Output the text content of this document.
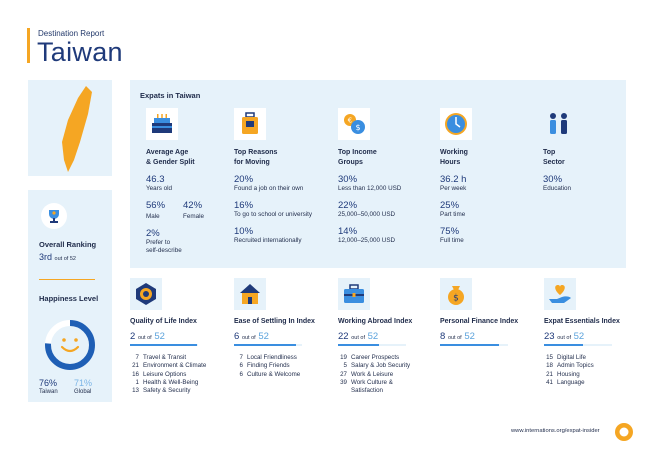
Destination Report
Taiwan
Overall Ranking
3rd out of 52
Happiness Level
76%
Taiwan
71%
Global
Expats in Taiwan
Average Age
& Gender Split
46.3
Years old
56%
Male
42%
Female
2%
Prefer to
self-describe
Top Reasons
for Moving
20%
Found a job on their own
16%
To go to school or university
10%
Recruited internationally
€
$
Top Income
Groups
30%
Less than 12,000 USD
22%
25,000–50,000 USD
14%
12,000–25,000 USD
Working
Hours
36.2 h
Per week
25%
Part time
75%
Full time
Top
Sector
30%
Education
Quality of Life Index
2 out of 52
7 Travel & Transit
21 Environment & Climate
16 Leisure Options
1 Health & Well-Being
13 Safety & Security
Ease of Settling In Index
6 out of 52
7 Local Friendliness
6 Finding Friends
6 Culture & Welcome
Working Abroad Index
22 out of 52
19 Career Prospects
5 Salary & Job Security
27 Work & Leisure
39 Work Culture &
Satisfaction
$
Personal Finance Index
8 out of 52
Expat Essentials Index
23 out of 52
15 Digital Life
18 Admin Topics
21 Housing
41 Language
www.internations.org/expat-insider
